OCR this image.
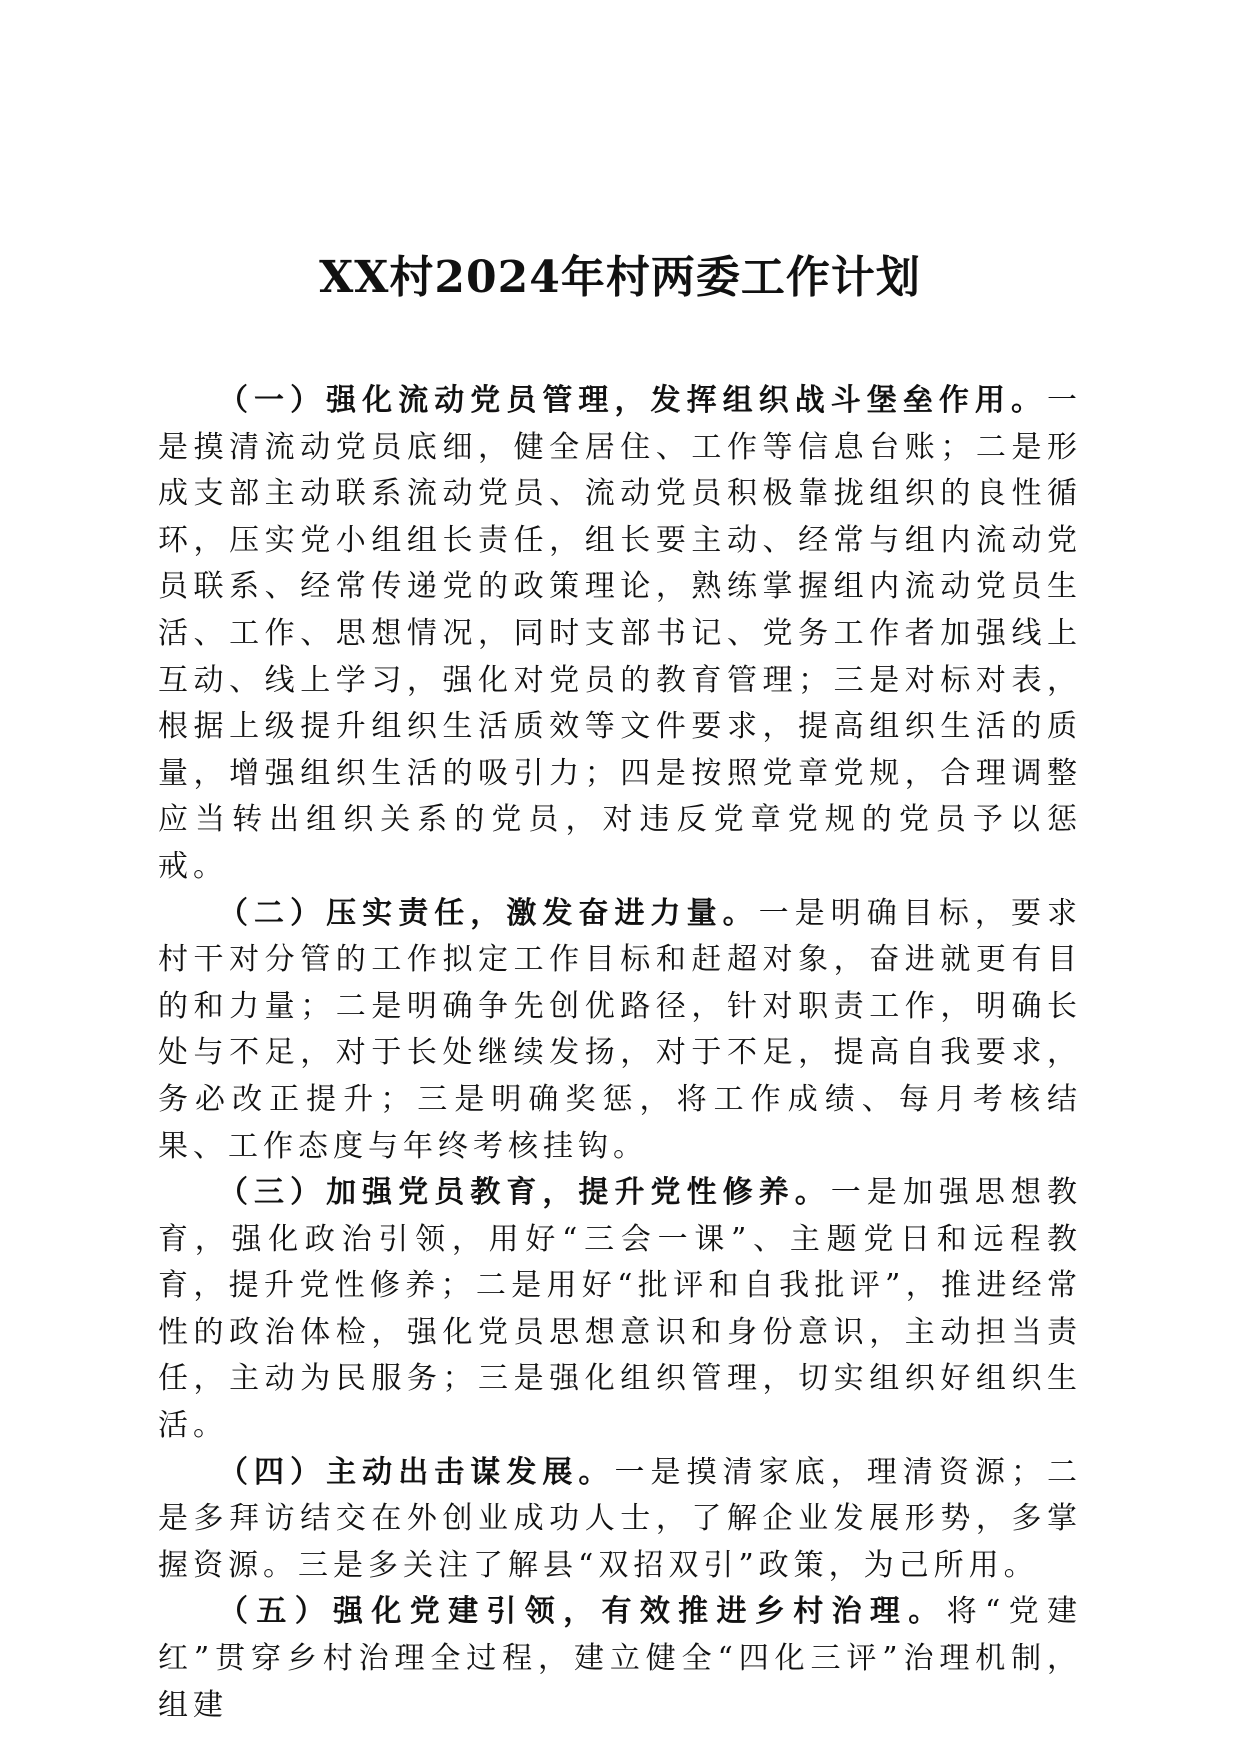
XX村2024年村两委工作计划

（一）强化流动党员管理，发挥组织战斗堡垒作用。一是摸清流动党员底细，健全居住、工作等信息台账；二是形成支部主动联系流动党员、流动党员积极靠拢组织的良性循环，压实党小组组长责任，组长要主动、经常与组内流动党员联系、经常传递党的政策理论，熟练掌握组内流动党员生活、工作、思想情况，同时支部书记、党务工作者加强线上互动、线上学习，强化对党员的教育管理；三是对标对表，根据上级提升组织生活质效等文件要求，提高组织生活的质量，增强组织生活的吸引力；四是按照党章党规，合理调整应当转出组织关系的党员，对违反党章党规的党员予以惩戒。

（二）压实责任，激发奋进力量。一是明确目标，要求村干对分管的工作拟定工作目标和赶超对象，奋进就更有目的和力量；二是明确争先创优路径，针对职责工作，明确长处与不足，对于长处继续发扬，对于不足，提高自我要求，务必改正提升；三是明确奖惩，将工作成绩、每月考核结果、工作态度与年终考核挂钩。

（三）加强党员教育，提升党性修养。一是加强思想教育，强化政治引领，用好“三会一课”、主题党日和远程教育，提升党性修养；二是用好“批评和自我批评”，推进经常性的政治体检，强化党员思想意识和身份意识，主动担当责任，主动为民服务；三是强化组织管理，切实组织好组织生活。

（四）主动出击谋发展。一是摸清家底，理清资源；二是多拜访结交在外创业成功人士，了解企业发展形势，多掌握资源。三是多关注了解县“双招双引”政策，为己所用。

（五）强化党建引领，有效推进乡村治理。将“党建红”贯穿乡村治理全过程，建立健全“四化三评”治理机制，组建
